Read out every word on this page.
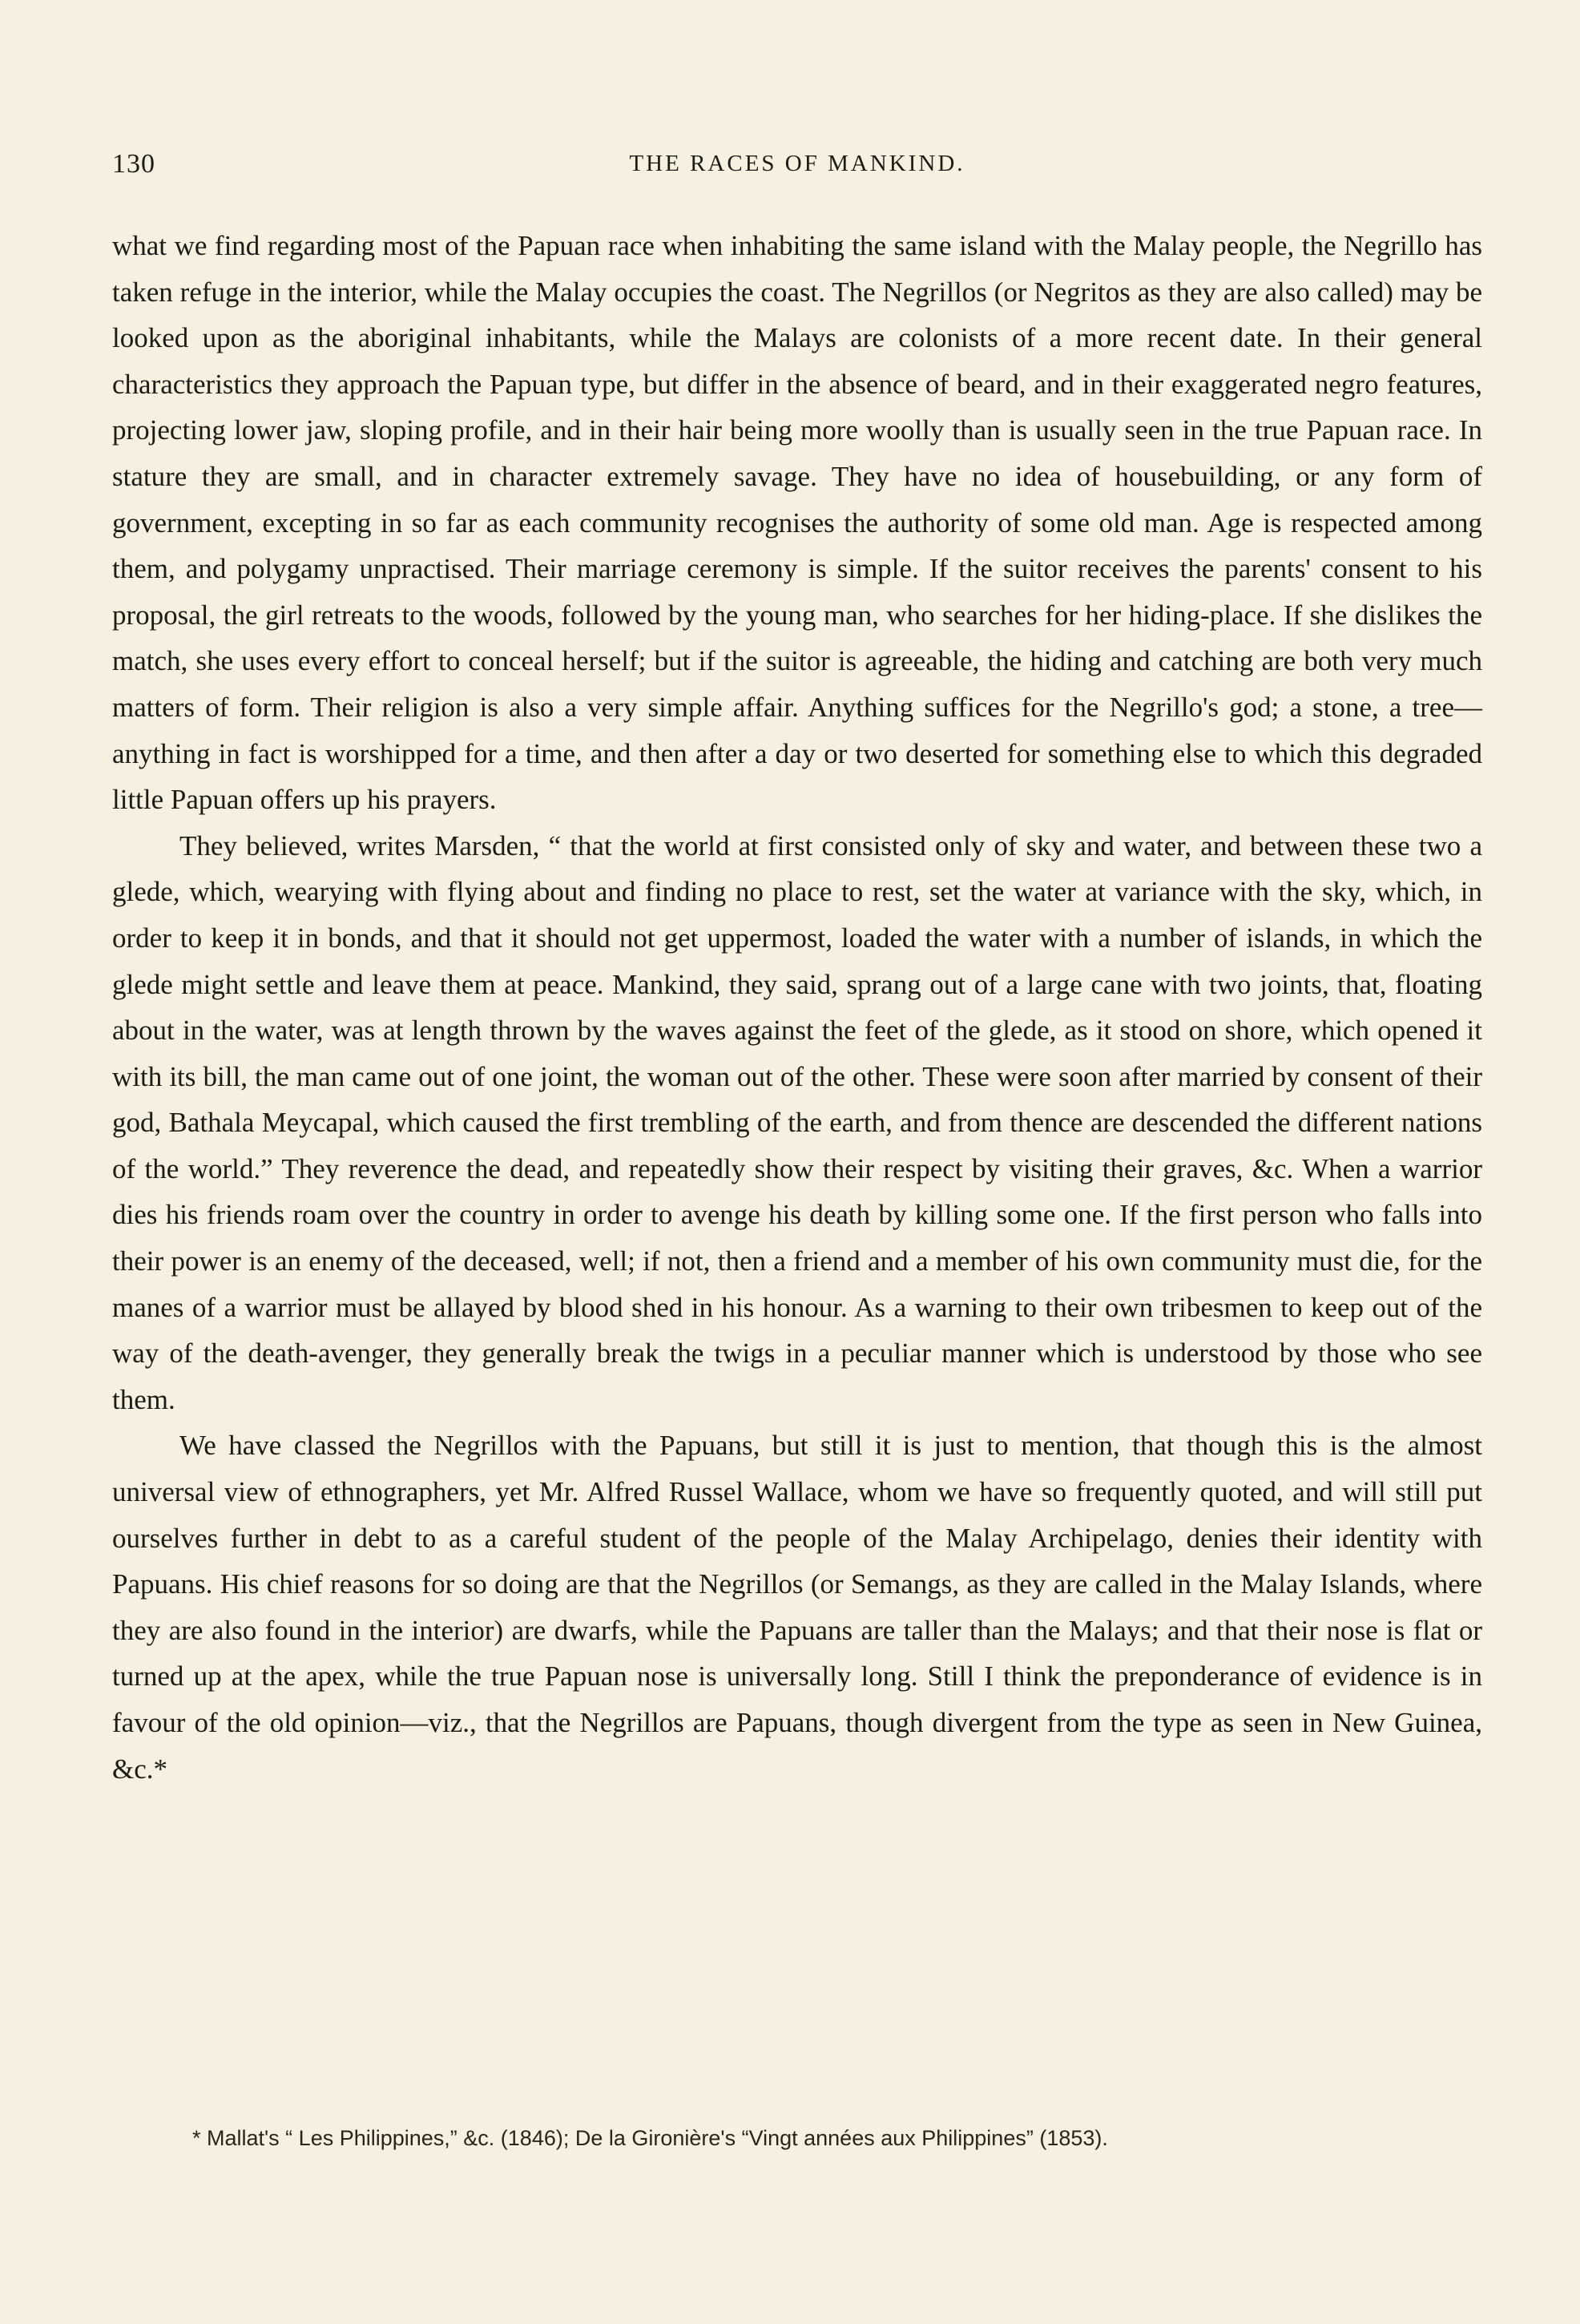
130	THE RACES OF MANKIND.

what we find regarding most of the Papuan race when inhabiting the same island with the Malay people, the Negrillo has taken refuge in the interior, while the Malay occupies the coast. The Negrillos (or Negritos as they are also called) may be looked upon as the aboriginal inhabitants, while the Malays are colonists of a more recent date. In their general characteristics they approach the Papuan type, but differ in the absence of beard, and in their exaggerated negro features, projecting lower jaw, sloping profile, and in their hair being more woolly than is usually seen in the true Papuan race. In stature they are small, and in character extremely savage. They have no idea of housebuilding, or any form of government, excepting in so far as each community recognises the authority of some old man. Age is respected among them, and polygamy unpractised. Their marriage ceremony is simple. If the suitor receives the parents' consent to his proposal, the girl retreats to the woods, followed by the young man, who searches for her hiding-place. If she dislikes the match, she uses every effort to conceal herself; but if the suitor is agreeable, the hiding and catching are both very much matters of form. Their religion is also a very simple affair. Anything suffices for the Negrillo's god; a stone, a tree—anything in fact is worshipped for a time, and then after a day or two deserted for something else to which this degraded little Papuan offers up his prayers.

They believed, writes Marsden, “ that the world at first consisted only of sky and water, and between these two a glede, which, wearying with flying about and finding no place to rest, set the water at variance with the sky, which, in order to keep it in bonds, and that it should not get uppermost, loaded the water with a number of islands, in which the glede might settle and leave them at peace. Mankind, they said, sprang out of a large cane with two joints, that, floating about in the water, was at length thrown by the waves against the feet of the glede, as it stood on shore, which opened it with its bill, the man came out of one joint, the woman out of the other. These were soon after married by consent of their god, Bathala Meycapal, which caused the first trembling of the earth, and from thence are descended the different nations of the world.” They reverence the dead, and repeatedly show their respect by visiting their graves, &c. When a warrior dies his friends roam over the country in order to avenge his death by killing some one. If the first person who falls into their power is an enemy of the deceased, well; if not, then a friend and a member of his own community must die, for the manes of a warrior must be allayed by blood shed in his honour. As a warning to their own tribesmen to keep out of the way of the death-avenger, they generally break the twigs in a peculiar manner which is understood by those who see them.

We have classed the Negrillos with the Papuans, but still it is just to mention, that though this is the almost universal view of ethnographers, yet Mr. Alfred Russel Wallace, whom we have so frequently quoted, and will still put ourselves further in debt to as a careful student of the people of the Malay Archipelago, denies their identity with Papuans. His chief reasons for so doing are that the Negrillos (or Semangs, as they are called in the Malay Islands, where they are also found in the interior) are dwarfs, while the Papuans are taller than the Malays; and that their nose is flat or turned up at the apex, while the true Papuan nose is universally long. Still I think the preponderance of evidence is in favour of the old opinion—viz., that the Negrillos are Papuans, though divergent from the type as seen in New Guinea, &c.*

* Mallat's “ Les Philippines,” &c. (1846); De la Gironière's “Vingt années aux Philippines” (1853).
